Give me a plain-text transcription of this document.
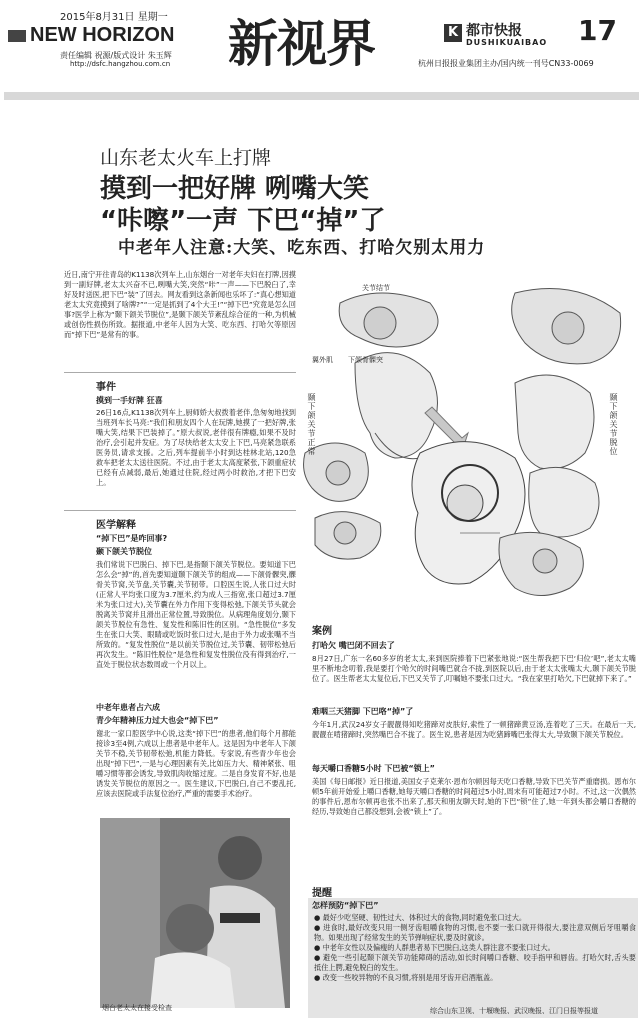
2015年8月31日 星期一
NEW HORIZON
责任编辑 祝源/版式设计 朱玉辉
http://dsfc.hangzhou.com.cn 新视界	K 都市快报
DUSHIKUAIBAO 17
杭州日报报业集团主办/国内统一刊号CN33-0069
山东老太火车上打牌
摸到一把好牌 咧嘴大笑
“咔嚓”一声 下巴“掉”了
中老年人注意:大笑、吃东西、打哈欠别太用力
近日,南宁开往青岛的K1138次列车上,山东烟台一对老年夫妇在打牌,因摸到一副好牌,老太太兴奋不已,咧嘴大笑,突然“咔”一声——下巴脱臼了,幸好及时送医,把下巴“装”了回去。网友看到这条新闻也乐坏了:“真心想知道老太太究竟摸到了啥牌?”“一定是抓到了4个大王!”“掉下巴”究竟是怎么回事?医学上称为“颞下颌关节脱位”,是颞下颌关节紊乱综合征的一种,为机械或创伤性损伤所致。据报道,中老年人因为大笑、吃东西、打哈欠等原因而“掉下巴”是常有的事。
事件
摸到一手好牌 狂喜
26日16点,K1138次列车上,厨师娇大叔拨着老伴,急匆匆地找到当班列车长马亮:“我们和朋友四个人在玩牌,她摸了一把好牌,张嘴大笑,结果下巴装掉了。”原大叔说,老伴很有牌瘾,如果不及时治疗,会引起并发症。为了尽快给老太太安上下巴,马亮紧急联系医务员,请求支援。之后,列车提前半小时到达桂林北站,120急救车把老太太送往医院。不过,由于老太太高度紧张,下颌重症状已经有点减弱,最后,她通过住院,经过两小时救治,才把下巴安上。
医学解释
“掉下巴”是咋回事?
颞下颌关节脱位
我们常说下巴脱臼、掉下巴,是指颞下颌关节脱位。要知道下巴怎么会“掉”的,首先要知道颞下颌关节的组成——下颌骨髁突,髁骨关节窝,关节盘,关节囊,关节韧带。口腔医生说,人张口过大时(正常人平均张口度为3.7厘米,约为成人三指宽,张口超过3.7厘米为张口过大),关节囊在外力作用下变得松弛,下颌关节头就会脱离关节窝并且滑出正常位置,导致脱位。从病理角度划分,颞下颌关节脱位有急性、复发性和陈旧性的区别。“急性脱位”多发生在张口大笑、眼睛或吃饭时张口过大,是由于外力或张嘴不当所致的。“复发性脱位”是以前关节脱位过,关节囊、韧带松弛后再次发生。“陈旧性脱位”是急性和复发性脱位没有得到治疗,一直处于脱位状态数周或一个月以上。
中老年患者占六成
青少年精神压力过大也会“掉下巴”
谢北一家口腔医学中心说,这类“掉下巴”的患者,他们每个月都能接诊3至4例,六成以上患者是中老年人。这是因为中老年人下颌关节不稳,关节韧带松弛,机能力降低。专家说,有些青少年也会出现“掉下巴”,一是与心理因素有关,比如压力大、精神紧张、咀嚼习惯等都会诱发,导致肌肉收缩过度。二是自身发育不好,也是诱发关节脱位的原因之一。医生建议,下巴脱臼,自己不要乱托,应该去医院或手法复位治疗,严重的需要手术治疗。
关节结节
翼外肌 下颌骨髁突
颞下颌关节正常	颞下颌关节脱位
案例
打哈欠 嘴巴闭不回去了
8月27日,广东一名60多岁的老太太,来到医院捧着下巴紧张地说:“医生帮我把下巴‘归位’吧”,老太太嘴里不断地念叨着,我是要打个哈欠的时间嘴巴就合不拢,到医院以后,由于老太太张嘴太大,颞下颌关节脱位了。医生帮老太太复位后,下巴又关节了,叮嘱她不要张口过大。“我在家里打哈欠,下巴就掉下来了。”
难咽三天猪脚 下巴咯“掉”了
今年1月,武汉24岁女子靓靓得知吃猪蹄对皮肤好,索性了一顿猪蹄黄豆汤,连着吃了三天。在最后一天,靓靓在啃猪蹄时,突然嘴巴合不拢了。医生说,患者是因为吃猪蹄嘴巴张得太大,导致颞下颌关节脱位。
每天嚼口香糖5小时 下巴被“锁上”
美国《每日邮报》近日报道,美国女子克莱尔·恩布尔顿因每天吃口香糖,导致下巴关节严重磨损。恩布尔顿5年前开始爱上嚼口香糖,她每天嚼口香糖的时间超过5小时,周末有可能超过7小时。不过,这一次偶然的事件后,恩布尔顿再也张不出来了,那天和朋友聊天时,她的下巴“锁”住了,她一年到头都会嚼口香糖的经历,导致她自己都没想到,会被“锁上”了。
提醒
怎样预防“掉下巴”
● 最好少吃坚硬、韧性过大、体积过大的食物,同时避免张口过大。
● 进食时,最好改变只用一侧牙齿咀嚼食物的习惯,也不要一张口就开得很大,要注意双侧后牙咀嚼食物。如果出现了经常发生的关节弹响症状,要及时就诊。
● 中老年女性以及偏瘦的人群患者易下巴脱臼,这类人群注意不要张口过大。
● 避免一些引起颞下颌关节功能障碍的活动,如长时间嚼口香糖、咬手指甲和唇齿。打哈欠时,舌头要抵住上腭,避免脱臼的发生。
● 改变一些咬异物的不良习惯,将别是用牙齿开启酒瓶盖。
综合山东卫视、十堰晚报、武汉晚报、江门日报等报道
烟台老太太在接受检查
